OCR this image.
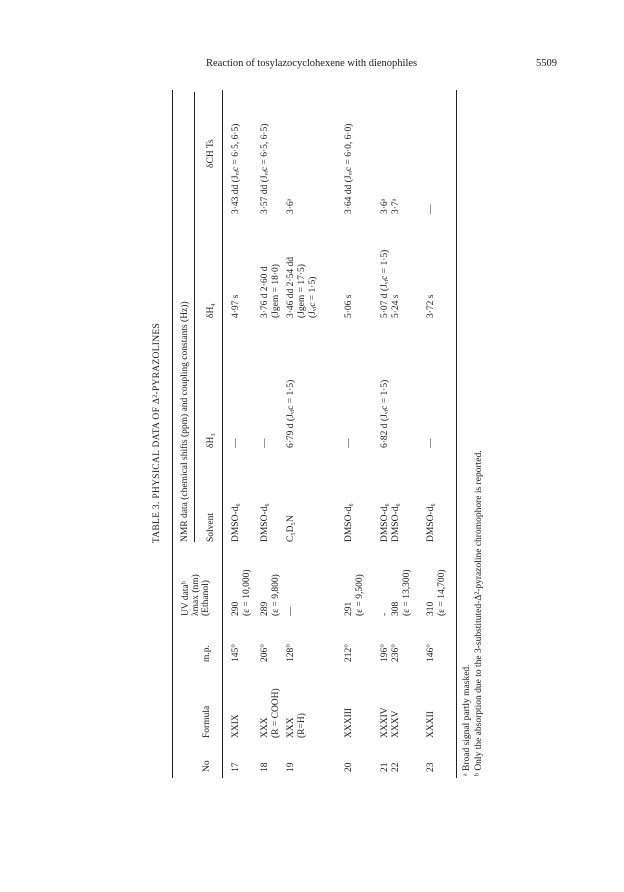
Reaction of tosylazocyclohexene with dienophiles	5509
TABLE 3. PHYSICAL DATA OF Δ²-PYRAZOLINES
No
Formula
m.p.
UV dataᵇ
λmax (nm)
(Ethanol)
NMR data (chemical shifts (ppm) and coupling constants (Hz)) Solvent
δH₃
δH₄
δCH Ts
17
XXIX
145°
290
(ε = 10,000)
DMSO-d₆
—
4·97 s
3·43 dd (Jᵥᵢc = 6·5, 6·5)
18
XXX
(R = COOH)
206°
289
(ε = 9,800)
DMSO-d₆
—
3·76 d 2·60 d
(Jgem = 18·0)
3·57 dd (Jᵥᵢc = 6·5, 6·5)
19
XXX
(R=H)
128°
—
C₅D₅N
6·79 d (Jᵥᵢc = 1·5)
3·46 dd 2·54 dd
(Jgem = 17·5)
(Jᵥᵢc = 1·5)
3·6ᵃ
20
XXXIII
212°
291
(ε = 9,500)
DMSO-d₆
—
5·06 s
3·64 dd (Jᵥᵢc = 6·0, 6·0)
21
22
XXXIV
XXXV
196°
236°
-
308
(ε = 13,300)
DMSO-d₆
DMSO-d₆
6·82 d (Jᵥᵢc = 1·5)
5·07 d (Jᵥᵢc = 1·5)
5·24 s
3·6ᵃ
3·7ᵃ
23
XXXII
146°
310
(ε = 14,700)
DMSO-d₆
—
3·72 s
—
ᵃ Broad signal partly masked. ᵇ Only the absorption due to the 3-substituted-Δ²-pyrazoline chromophore is reported.
